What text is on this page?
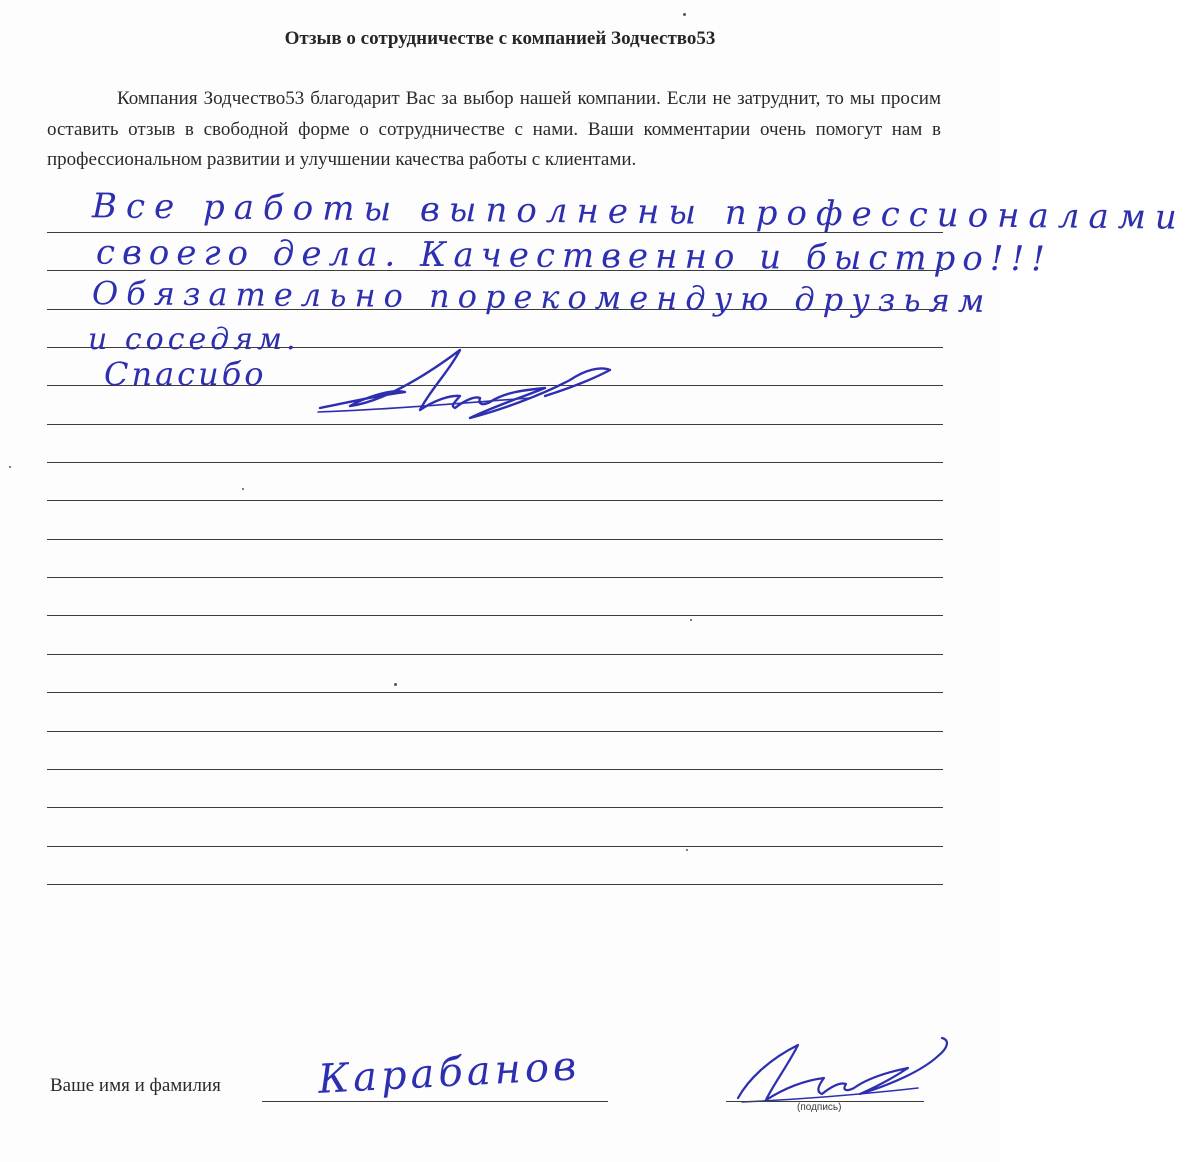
Отзыв о сотрудничестве с компанией Зодчество53

Компания Зодчество53 благодарит Вас за выбор нашей компании. Если не затруднит, то мы просим оставить отзыв в свободной форме о сотрудничестве с нами. Ваши комментарии очень помогут нам в профессиональном развитии и улучшении качества работы с клиентами.

Все работы выполнены профессионалами
своего дела. Качественно и быстро!!!
Обязательно порекомендую друзьям
и соседям.
Спасибо
Ваше имя и фамилия Карабанов
(подпись)
